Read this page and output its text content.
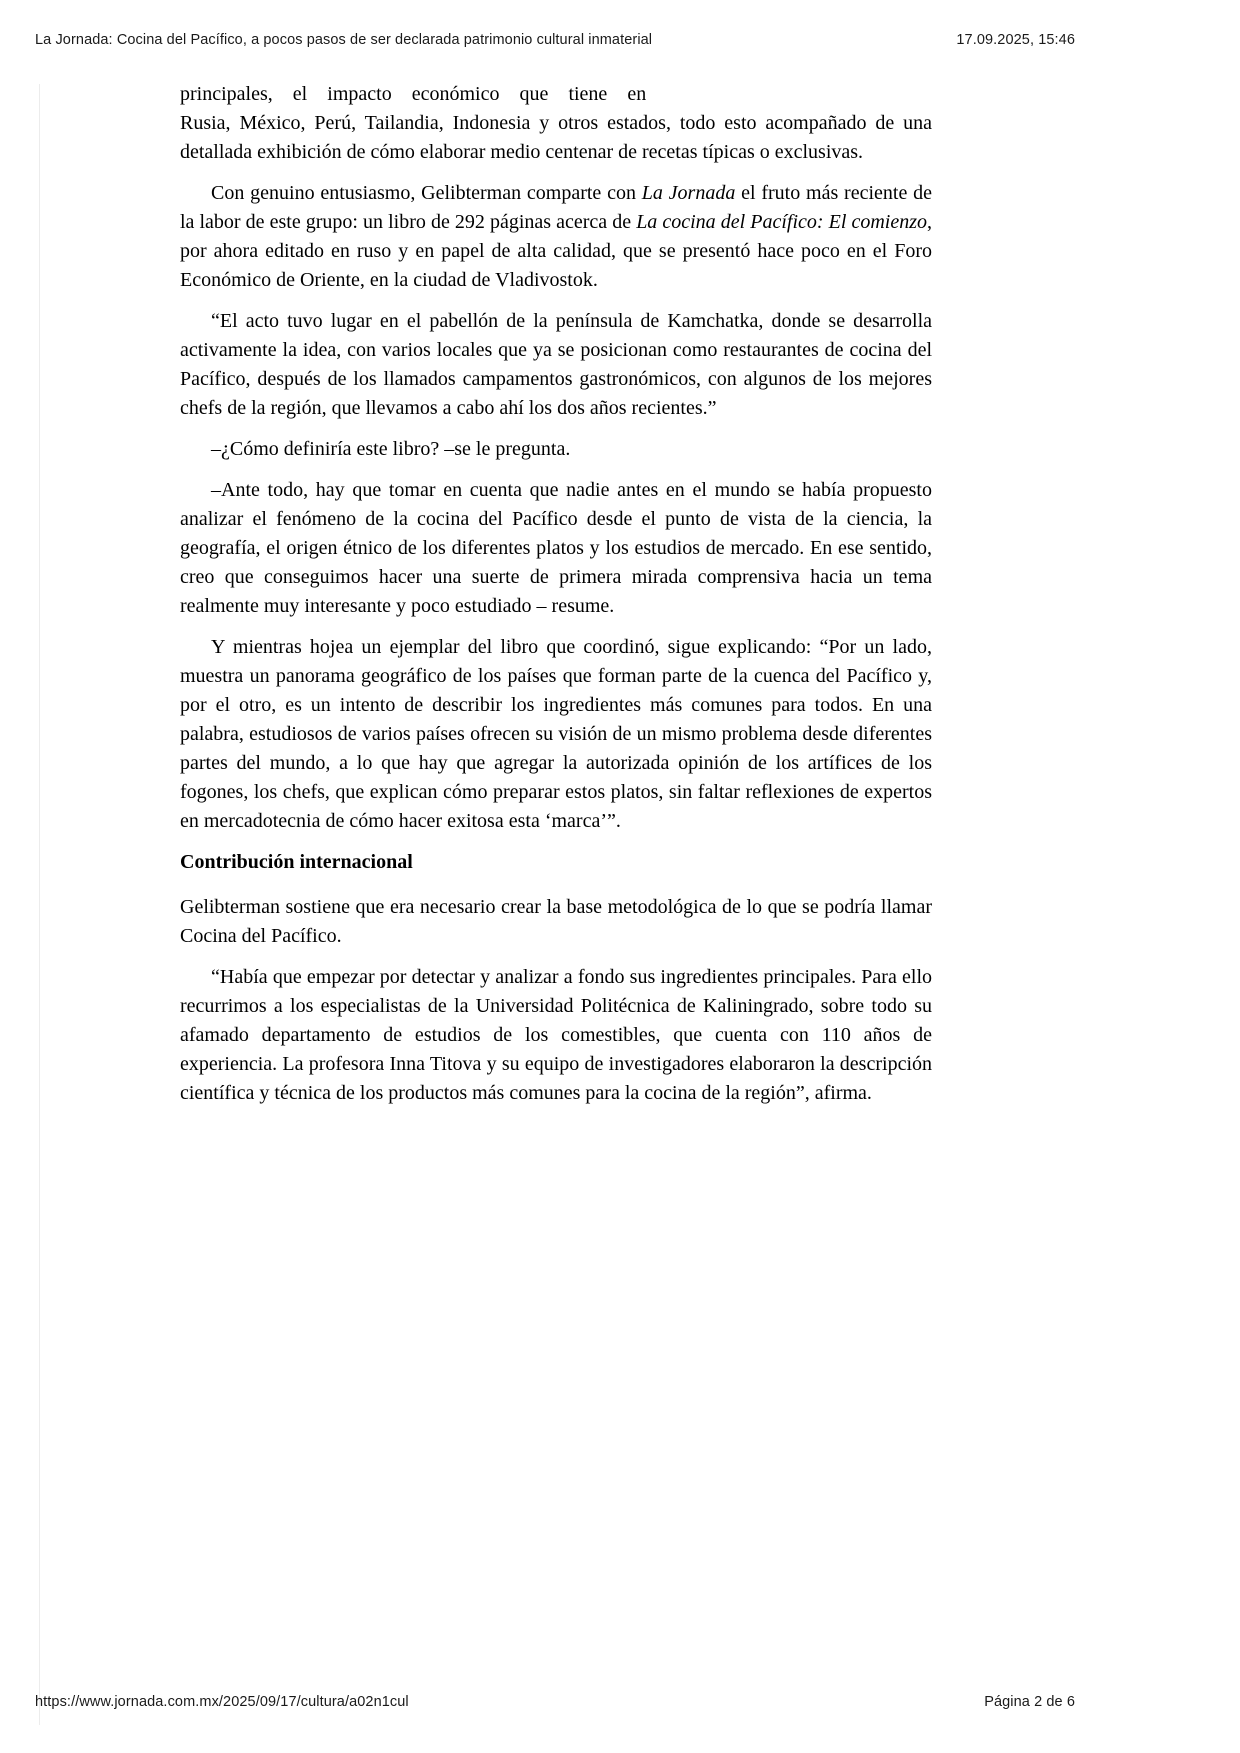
La Jornada: Cocina del Pacífico, a pocos pasos de ser declarada patrimonio cultural inmaterial	17.09.2025, 15:46

principales, el impacto económico que tiene en
Rusia, México, Perú, Tailandia, Indonesia y otros estados, todo esto acompañado de una detallada exhibición de cómo elaborar medio centenar de recetas típicas o exclusivas.

Con genuino entusiasmo, Gelibterman comparte con La Jornada el fruto más reciente de la labor de este grupo: un libro de 292 páginas acerca de La cocina del Pacífico: El comienzo, por ahora editado en ruso y en papel de alta calidad, que se presentó hace poco en el Foro Económico de Oriente, en la ciudad de Vladivostok.

“El acto tuvo lugar en el pabellón de la península de Kamchatka, donde se desarrolla activamente la idea, con varios locales que ya se posicionan como restaurantes de cocina del Pacífico, después de los llamados campamentos gastronómicos, con algunos de los mejores chefs de la región, que llevamos a cabo ahí los dos años recientes.”

–¿Cómo definiría este libro? –se le pregunta.

–Ante todo, hay que tomar en cuenta que nadie antes en el mundo se había propuesto analizar el fenómeno de la cocina del Pacífico desde el punto de vista de la ciencia, la geografía, el origen étnico de los diferentes platos y los estudios de mercado. En ese sentido, creo que conseguimos hacer una suerte de primera mirada comprensiva hacia un tema realmente muy interesante y poco estudiado – resume.

Y mientras hojea un ejemplar del libro que coordinó, sigue explicando: “Por un lado, muestra un panorama geográfico de los países que forman parte de la cuenca del Pacífico y, por el otro, es un intento de describir los ingredientes más comunes para todos. En una palabra, estudiosos de varios países ofrecen su visión de un mismo problema desde diferentes partes del mundo, a lo que hay que agregar la autorizada opinión de los artífices de los fogones, los chefs, que explican cómo preparar estos platos, sin faltar reflexiones de expertos en mercadotecnia de cómo hacer exitosa esta ‘marca’”.

Contribución internacional

Gelibterman sostiene que era necesario crear la base metodológica de lo que se podría llamar Cocina del Pacífico.

“Había que empezar por detectar y analizar a fondo sus ingredientes principales. Para ello recurrimos a los especialistas de la Universidad Politécnica de Kaliningrado, sobre todo su afamado departamento de estudios de los comestibles, que cuenta con 110 años de experiencia. La profesora Inna Titova y su equipo de investigadores elaboraron la descripción científica y técnica de los productos más comunes para la cocina de la región”, afirma.

https://www.jornada.com.mx/2025/09/17/cultura/a02n1cul	Página 2 de 6
